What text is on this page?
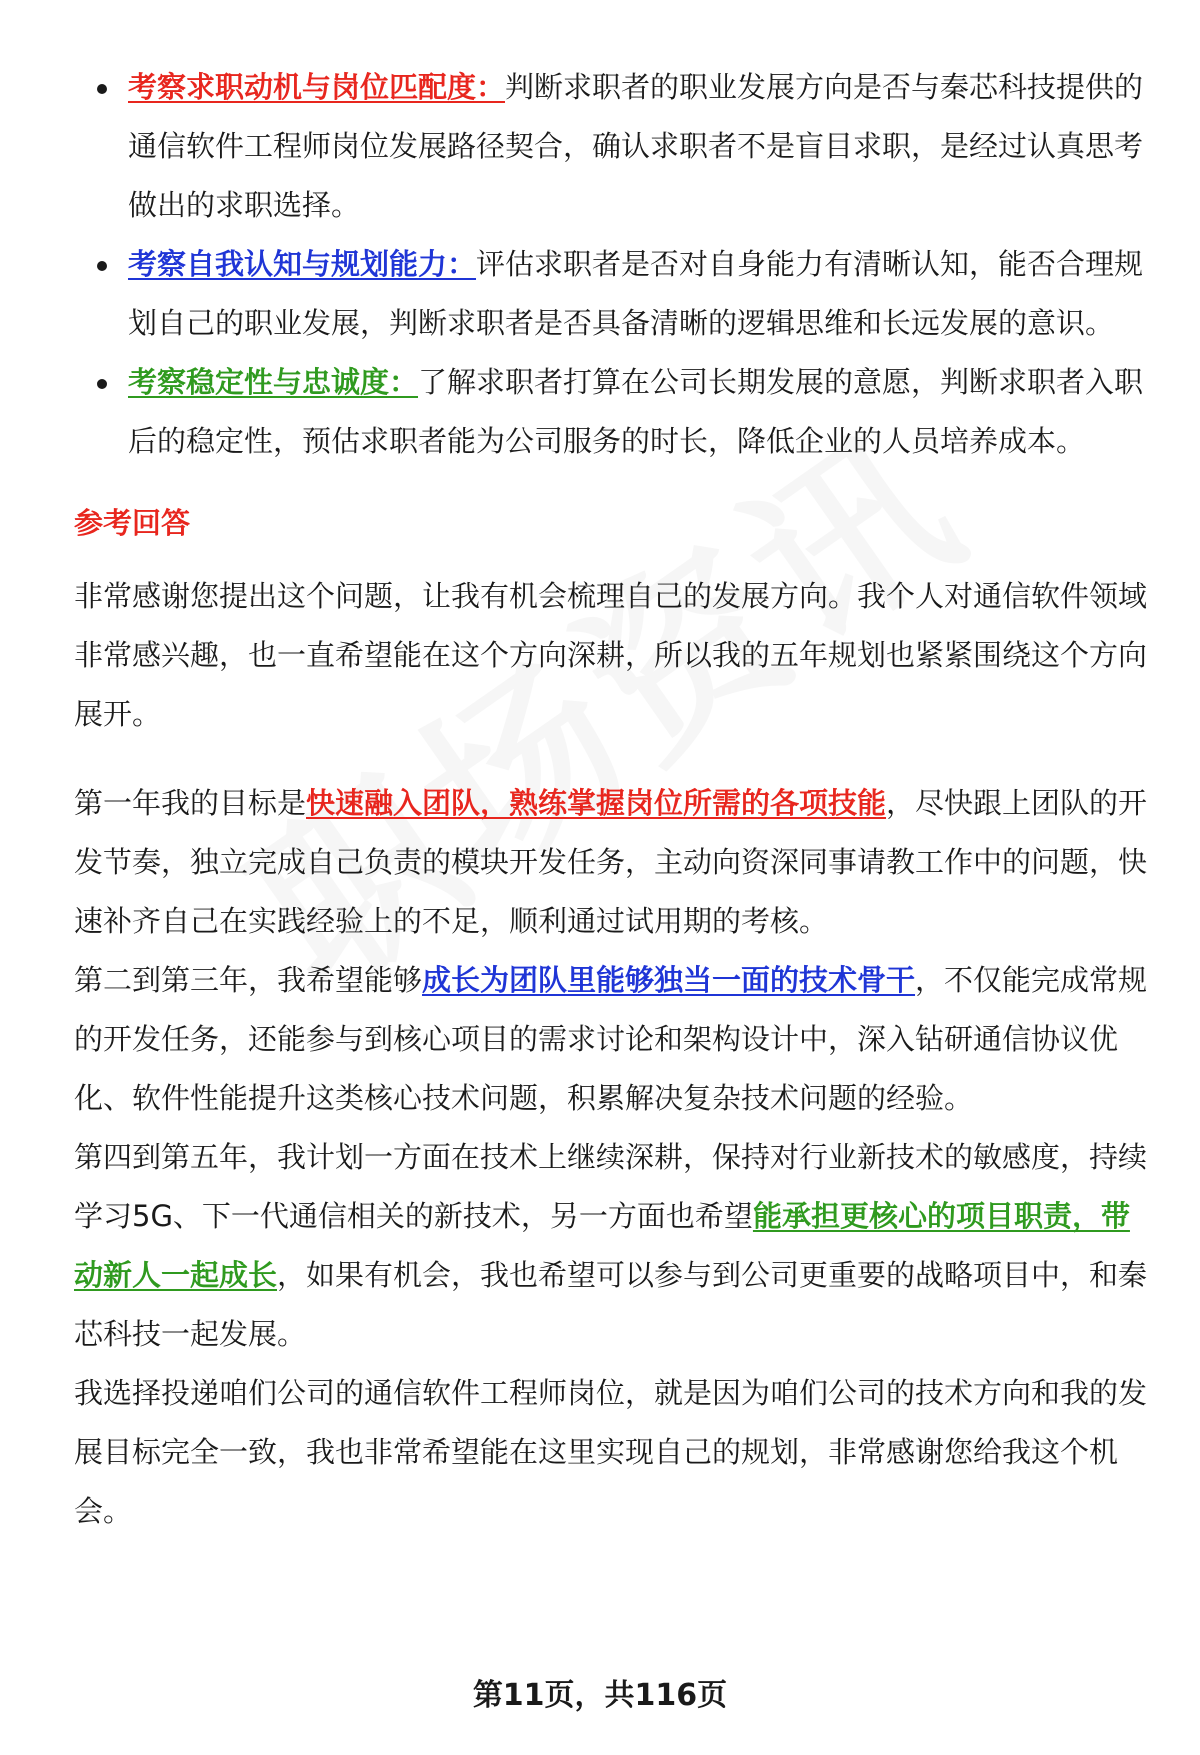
考察求职动机与岗位匹配度：判断求职者的职业发展方向是否与秦芯科技提供的通信软件工程师岗位发展路径契合，确认求职者不是盲目求职，是经过认真思考做出的求职选择。
考察自我认知与规划能力：评估求职者是否对自身能力有清晰认知，能否合理规划自己的职业发展，判断求职者是否具备清晰的逻辑思维和长远发展的意识。
考察稳定性与忠诚度：了解求职者打算在公司长期发展的意愿，判断求职者入职后的稳定性，预估求职者能为公司服务的时长，降低企业的人员培养成本。
参考回答

非常感谢您提出这个问题，让我有机会梳理自己的发展方向。我个人对通信软件领域非常感兴趣，也一直希望能在这个方向深耕，所以我的五年规划也紧紧围绕这个方向展开。

第一年我的目标是快速融入团队，熟练掌握岗位所需的各项技能，尽快跟上团队的开发节奏，独立完成自己负责的模块开发任务，主动向资深同事请教工作中的问题，快速补齐自己在实践经验上的不足，顺利通过试用期的考核。

第二到第三年，我希望能够成长为团队里能够独当一面的技术骨干，不仅能完成常规的开发任务，还能参与到核心项目的需求讨论和架构设计中，深入钻研通信协议优化、软件性能提升这类核心技术问题，积累解决复杂技术问题的经验。

第四到第五年，我计划一方面在技术上继续深耕，保持对行业新技术的敏感度，持续学习5G、下一代通信相关的新技术，另一方面也希望能承担更核心的项目职责，带动新人一起成长，如果有机会，我也希望可以参与到公司更重要的战略项目中，和秦芯科技一起发展。

我选择投递咱们公司的通信软件工程师岗位，就是因为咱们公司的技术方向和我的发展目标完全一致，我也非常希望能在这里实现自己的规划，非常感谢您给我这个机会。

第11页，共116页
